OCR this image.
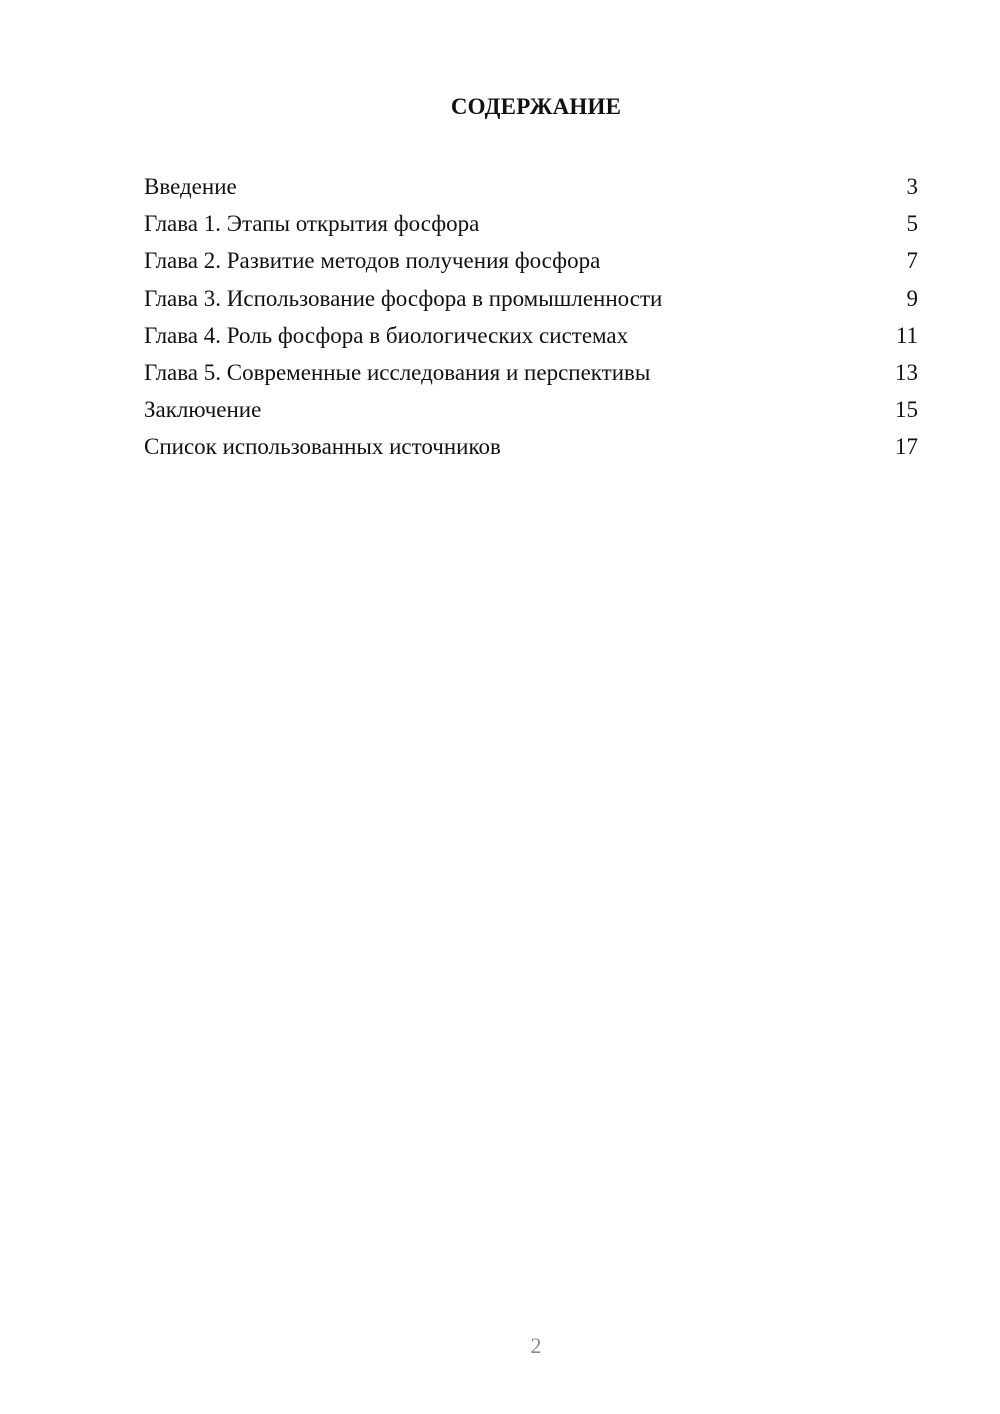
СОДЕРЖАНИЕ
Введение	3
Глава 1. Этапы открытия фосфора	5
Глава 2. Развитие методов получения фосфора	7
Глава 3. Использование фосфора в промышленности	9
Глава 4. Роль фосфора в биологических системах	11
Глава 5. Современные исследования и перспективы	13
Заключение	15
Список использованных источников	17
2
